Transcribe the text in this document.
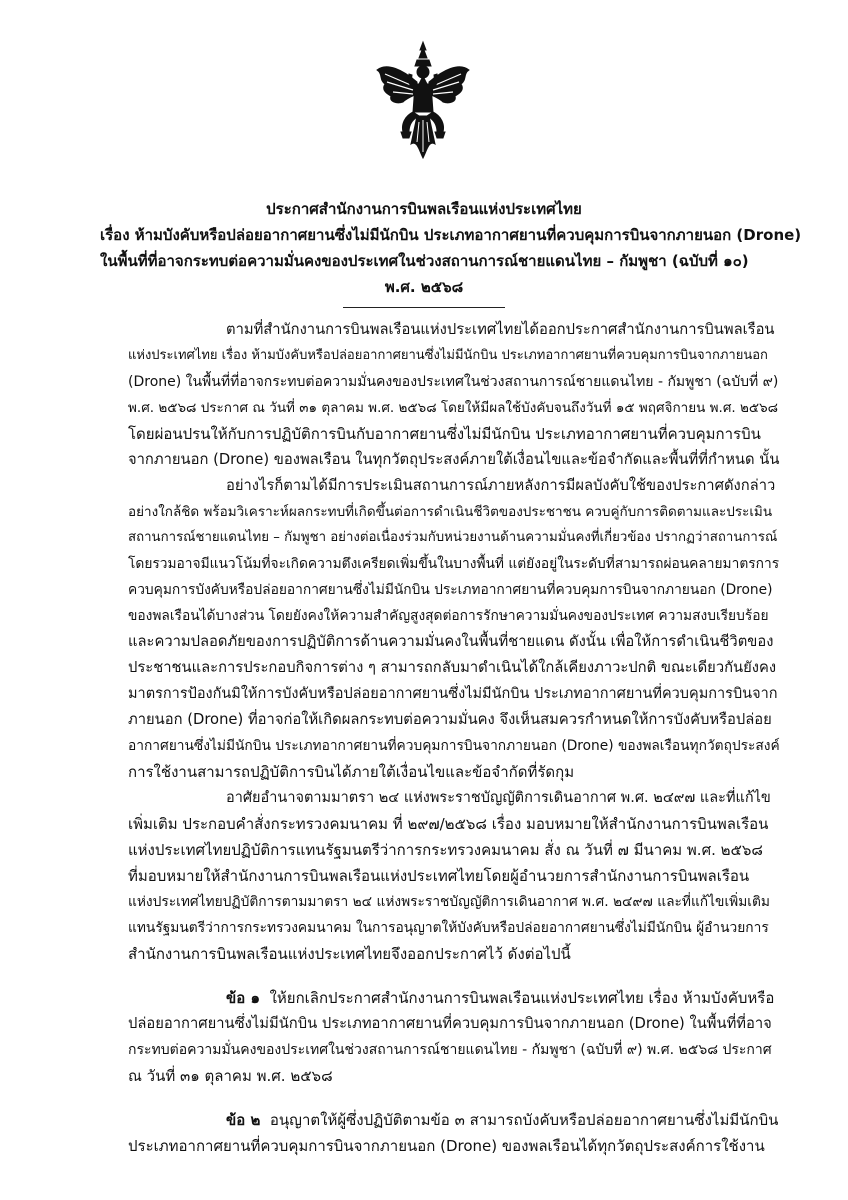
ประกาศสำนักงานการบินพลเรือนแห่งประเทศไทย
เรื่อง ห้ามบังคับหรือปล่อยอากาศยานซึ่งไม่มีนักบิน ประเภทอากาศยานที่ควบคุมการบินจากภายนอก (Drone)
ในพื้นที่ที่อาจกระทบต่อความมั่นคงของประเทศในช่วงสถานการณ์ชายแดนไทย – กัมพูชา (ฉบับที่ ๑๐)
พ.ศ. ๒๕๖๘
ตามที่สำนักงานการบินพลเรือนแห่งประเทศไทยได้ออกประกาศสำนักงานการบินพลเรือน
แห่งประเทศไทย เรื่อง ห้ามบังคับหรือปล่อยอากาศยานซึ่งไม่มีนักบิน ประเภทอากาศยานที่ควบคุมการบินจากภายนอก
(Drone) ในพื้นที่ที่อาจกระทบต่อความมั่นคงของประเทศในช่วงสถานการณ์ชายแดนไทย - กัมพูชา (ฉบับที่ ๙)
พ.ศ. ๒๕๖๘ ประกาศ ณ วันที่ ๓๑ ตุลาคม พ.ศ. ๒๕๖๘ โดยให้มีผลใช้บังคับจนถึงวันที่ ๑๕ พฤศจิกายน พ.ศ. ๒๕๖๘
โดยผ่อนปรนให้กับการปฏิบัติการบินกับอากาศยานซึ่งไม่มีนักบิน ประเภทอากาศยานที่ควบคุมการบิน
จากภายนอก (Drone) ของพลเรือน ในทุกวัตถุประสงค์ภายใต้เงื่อนไขและข้อจำกัดและพื้นที่ที่กำหนด นั้น
อย่างไรก็ตามได้มีการประเมินสถานการณ์ภายหลังการมีผลบังคับใช้ของประกาศดังกล่าว
อย่างใกล้ชิด พร้อมวิเคราะห์ผลกระทบที่เกิดขึ้นต่อการดำเนินชีวิตของประชาชน ควบคู่กับการติดตามและประเมิน
สถานการณ์ชายแดนไทย – กัมพูชา อย่างต่อเนื่องร่วมกับหน่วยงานด้านความมั่นคงที่เกี่ยวข้อง ปรากฏว่าสถานการณ์
โดยรวมอาจมีแนวโน้มที่จะเกิดความตึงเครียดเพิ่มขึ้นในบางพื้นที่ แต่ยังอยู่ในระดับที่สามารถผ่อนคลายมาตรการ
ควบคุมการบังคับหรือปล่อยอากาศยานซึ่งไม่มีนักบิน ประเภทอากาศยานที่ควบคุมการบินจากภายนอก (Drone)
ของพลเรือนได้บางส่วน โดยยังคงให้ความสำคัญสูงสุดต่อการรักษาความมั่นคงของประเทศ ความสงบเรียบร้อย
และความปลอดภัยของการปฏิบัติการด้านความมั่นคงในพื้นที่ชายแดน ดังนั้น เพื่อให้การดำเนินชีวิตของ
ประชาชนและการประกอบกิจการต่าง ๆ สามารถกลับมาดำเนินได้ใกล้เคียงภาวะปกติ ขณะเดียวกันยังคง
มาตรการป้องกันมิให้การบังคับหรือปล่อยอากาศยานซึ่งไม่มีนักบิน ประเภทอากาศยานที่ควบคุมการบินจาก
ภายนอก (Drone) ที่อาจก่อให้เกิดผลกระทบต่อความมั่นคง จึงเห็นสมควรกำหนดให้การบังคับหรือปล่อย
อากาศยานซึ่งไม่มีนักบิน ประเภทอากาศยานที่ควบคุมการบินจากภายนอก (Drone) ของพลเรือนทุกวัตถุประสงค์
การใช้งานสามารถปฏิบัติการบินได้ภายใต้เงื่อนไขและข้อจำกัดที่รัดกุม
อาศัยอำนาจตามมาตรา ๒๔ แห่งพระราชบัญญัติการเดินอากาศ พ.ศ. ๒๔๙๗ และที่แก้ไข
เพิ่มเติม ประกอบคำสั่งกระทรวงคมนาคม ที่ ๒๙๗/๒๕๖๘ เรื่อง มอบหมายให้สำนักงานการบินพลเรือน
แห่งประเทศไทยปฏิบัติการแทนรัฐมนตรีว่าการกระทรวงคมนาคม สั่ง ณ วันที่ ๗ มีนาคม พ.ศ. ๒๕๖๘
ที่มอบหมายให้สำนักงานการบินพลเรือนแห่งประเทศไทยโดยผู้อำนวยการสำนักงานการบินพลเรือน
แห่งประเทศไทยปฏิบัติการตามมาตรา ๒๔ แห่งพระราชบัญญัติการเดินอากาศ พ.ศ. ๒๔๙๗ และที่แก้ไขเพิ่มเติม
แทนรัฐมนตรีว่าการกระทรวงคมนาคม ในการอนุญาตให้บังคับหรือปล่อยอากาศยานซึ่งไม่มีนักบิน ผู้อำนวยการ
สำนักงานการบินพลเรือนแห่งประเทศไทยจึงออกประกาศไว้ ดังต่อไปนี้
ข้อ ๑ ให้ยกเลิกประกาศสำนักงานการบินพลเรือนแห่งประเทศไทย เรื่อง ห้ามบังคับหรือ
ปล่อยอากาศยานซึ่งไม่มีนักบิน ประเภทอากาศยานที่ควบคุมการบินจากภายนอก (Drone) ในพื้นที่ที่อาจ
กระทบต่อความมั่นคงของประเทศในช่วงสถานการณ์ชายแดนไทย - กัมพูชา (ฉบับที่ ๙) พ.ศ. ๒๕๖๘ ประกาศ
ณ วันที่ ๓๑ ตุลาคม พ.ศ. ๒๕๖๘
ข้อ ๒ อนุญาตให้ผู้ซึ่งปฏิบัติตามข้อ ๓ สามารถบังคับหรือปล่อยอากาศยานซึ่งไม่มีนักบิน
ประเภทอากาศยานที่ควบคุมการบินจากภายนอก (Drone) ของพลเรือนได้ทุกวัตถุประสงค์การใช้งาน
